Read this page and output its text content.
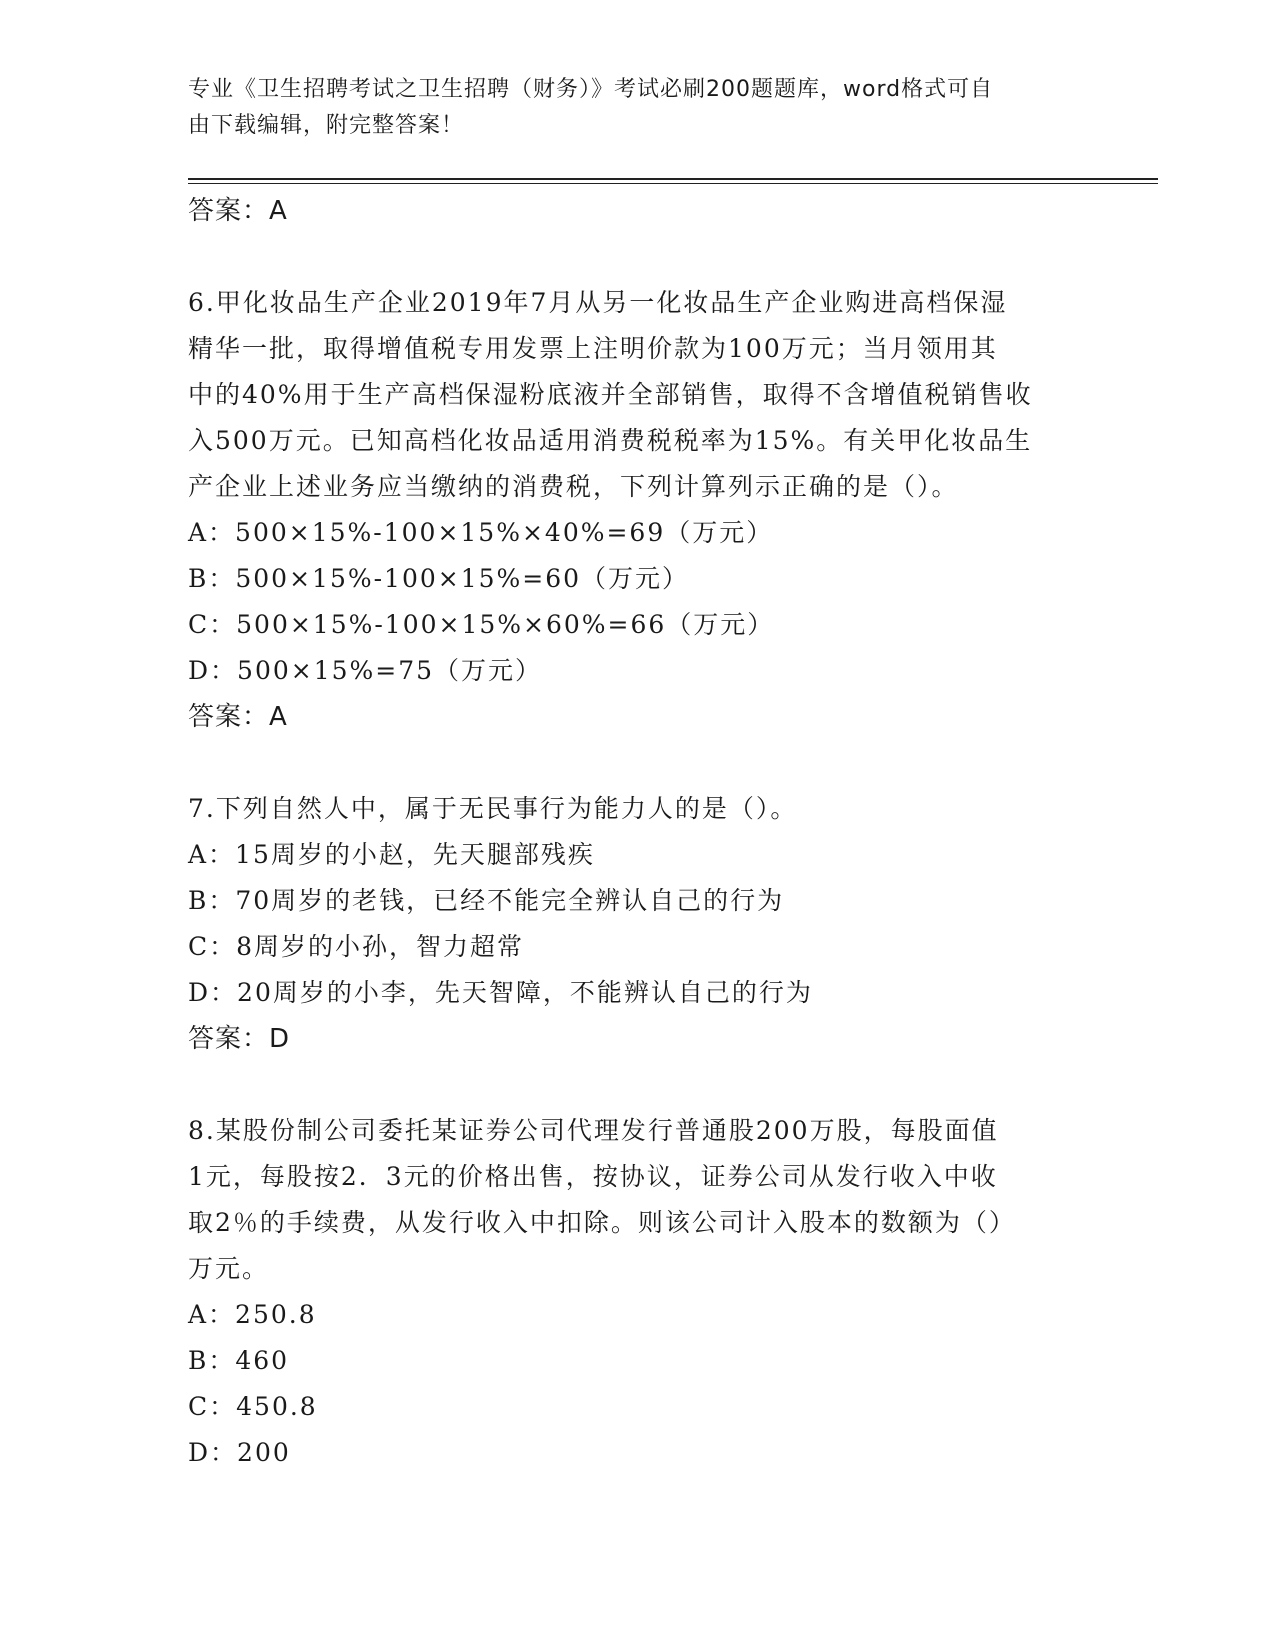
专业《卫生招聘考试之卫生招聘（财务）》考试必刷200题题库，word格式可自
由下载编辑，附完整答案！
答案：A
6.甲化妆品生产企业2019年7月从另一化妆品生产企业购进高档保湿
精华一批，取得增值税专用发票上注明价款为100万元；当月领用其
中的40%用于生产高档保湿粉底液并全部销售，取得不含增值税销售收
入500万元。已知高档化妆品适用消费税税率为15%。有关甲化妆品生
产企业上述业务应当缴纳的消费税，下列计算列示正确的是（）。
A：500×15%-100×15%×40%=69（万元）
B：500×15%-100×15%=60（万元）
C：500×15%-100×15%×60%=66（万元）
D：500×15%=75（万元）
答案：A
7.下列自然人中，属于无民事行为能力人的是（）。
A：15周岁的小赵，先天腿部残疾
B：70周岁的老钱，已经不能完全辨认自己的行为
C：8周岁的小孙，智力超常
D：20周岁的小李，先天智障，不能辨认自己的行为
答案：D
8.某股份制公司委托某证券公司代理发行普通股200万股，每股面值
1元，每股按2．3元的价格出售，按协议，证券公司从发行收入中收
取2％的手续费，从发行收入中扣除。则该公司计入股本的数额为（）
万元。
A：250.8
B：460
C：450.8
D：200
